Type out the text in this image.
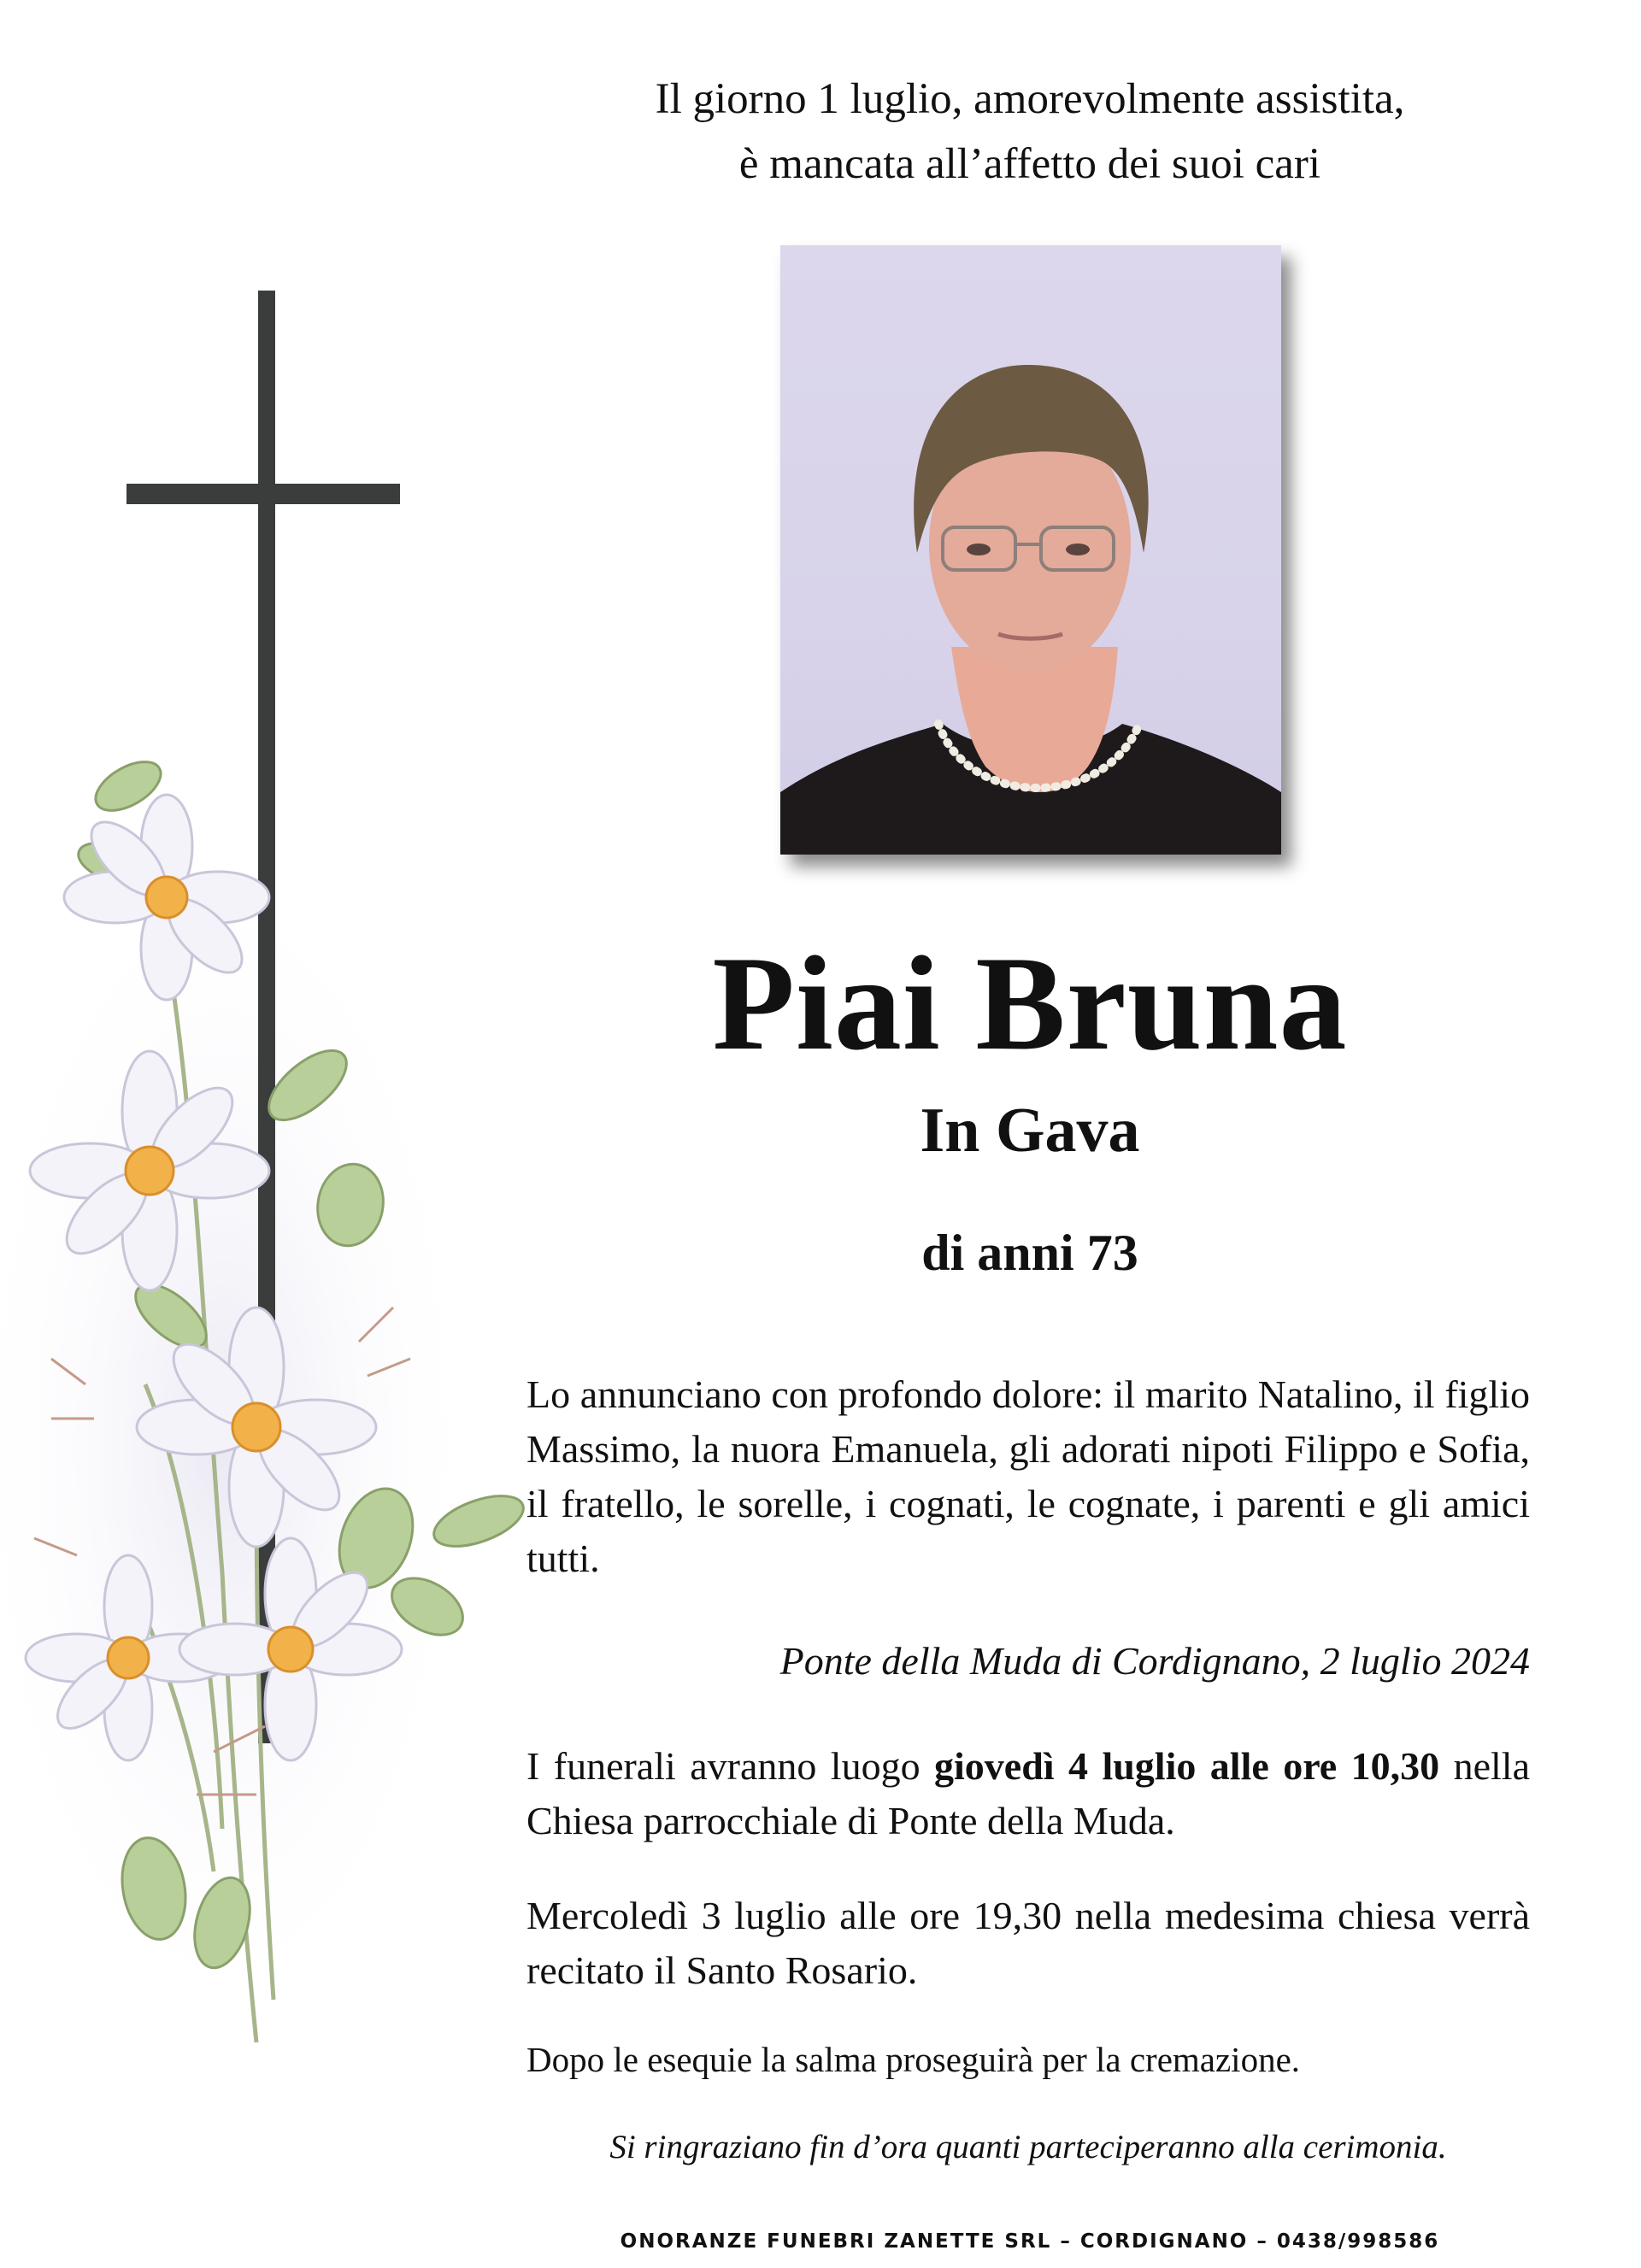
Il giorno 1 luglio, amorevolmente assistita,
è mancata all’affetto dei suoi cari
Piai Bruna
In Gava
di anni 73
Lo annunciano con profondo dolore: il marito Natalino, il figlio Massimo, la nuora Emanuela, gli adorati nipoti Filippo e Sofia, il fratello, le sorelle, i cognati, le cognate, i parenti e gli amici tutti.
Ponte della Muda di Cordignano, 2 luglio 2024
I funerali avranno luogo giovedì 4 luglio alle ore 10,30 nella Chiesa parrocchiale di Ponte della Muda.
Mercoledì 3 luglio alle ore 19,30 nella medesima chiesa verrà recitato il Santo Rosario.
Dopo le esequie la salma proseguirà per la cremazione.
Si ringraziano fin d’ora quanti parteciperanno alla cerimonia.
ONORANZE FUNEBRI ZANETTE SRL – CORDIGNANO – 0438/998586
